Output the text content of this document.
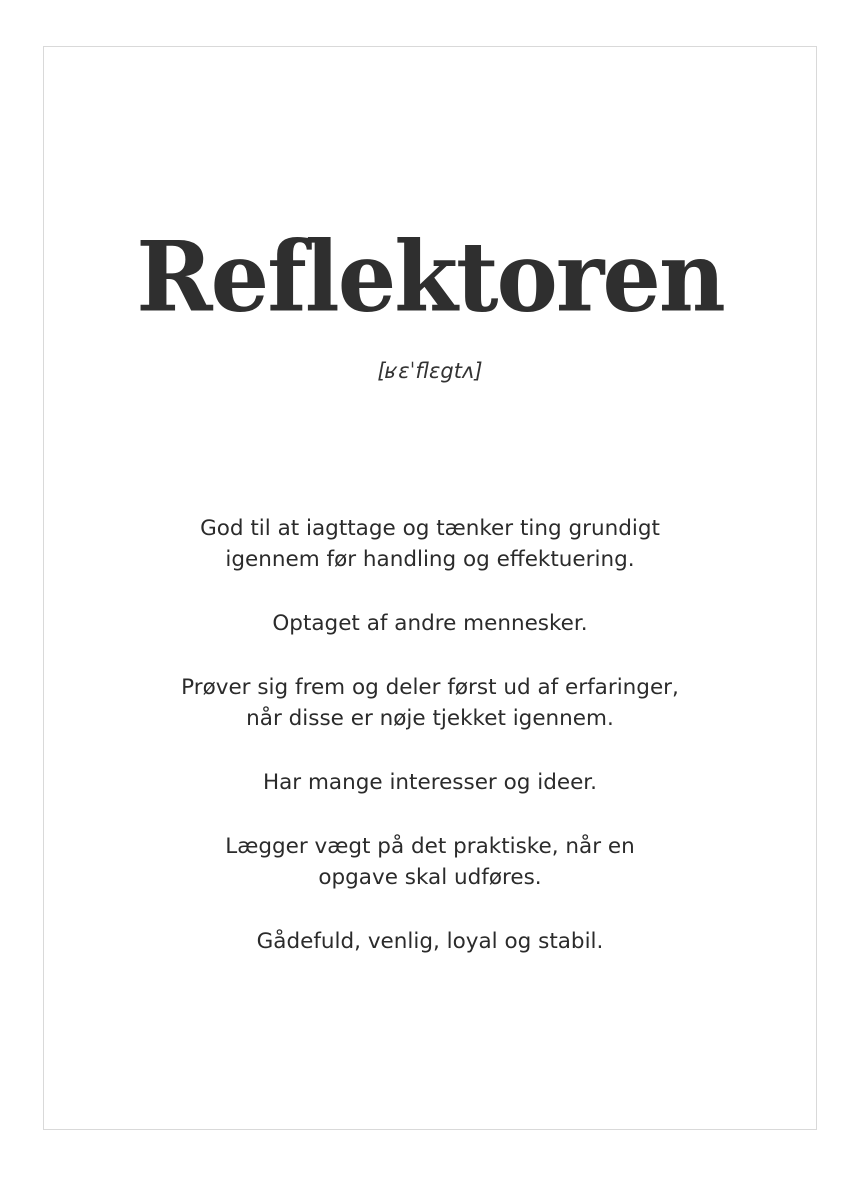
Reflektoren

[ʁɛˈflɛgtʌ]

God til at iagttage og tænker ting grundigt
igennem før handling og effektuering.
Optaget af andre mennesker.
Prøver sig frem og deler først ud af erfaringer,
når disse er nøje tjekket igennem.
Har mange interesser og ideer.
Lægger vægt på det praktiske, når en
opgave skal udføres.
Gådefuld, venlig, loyal og stabil.
